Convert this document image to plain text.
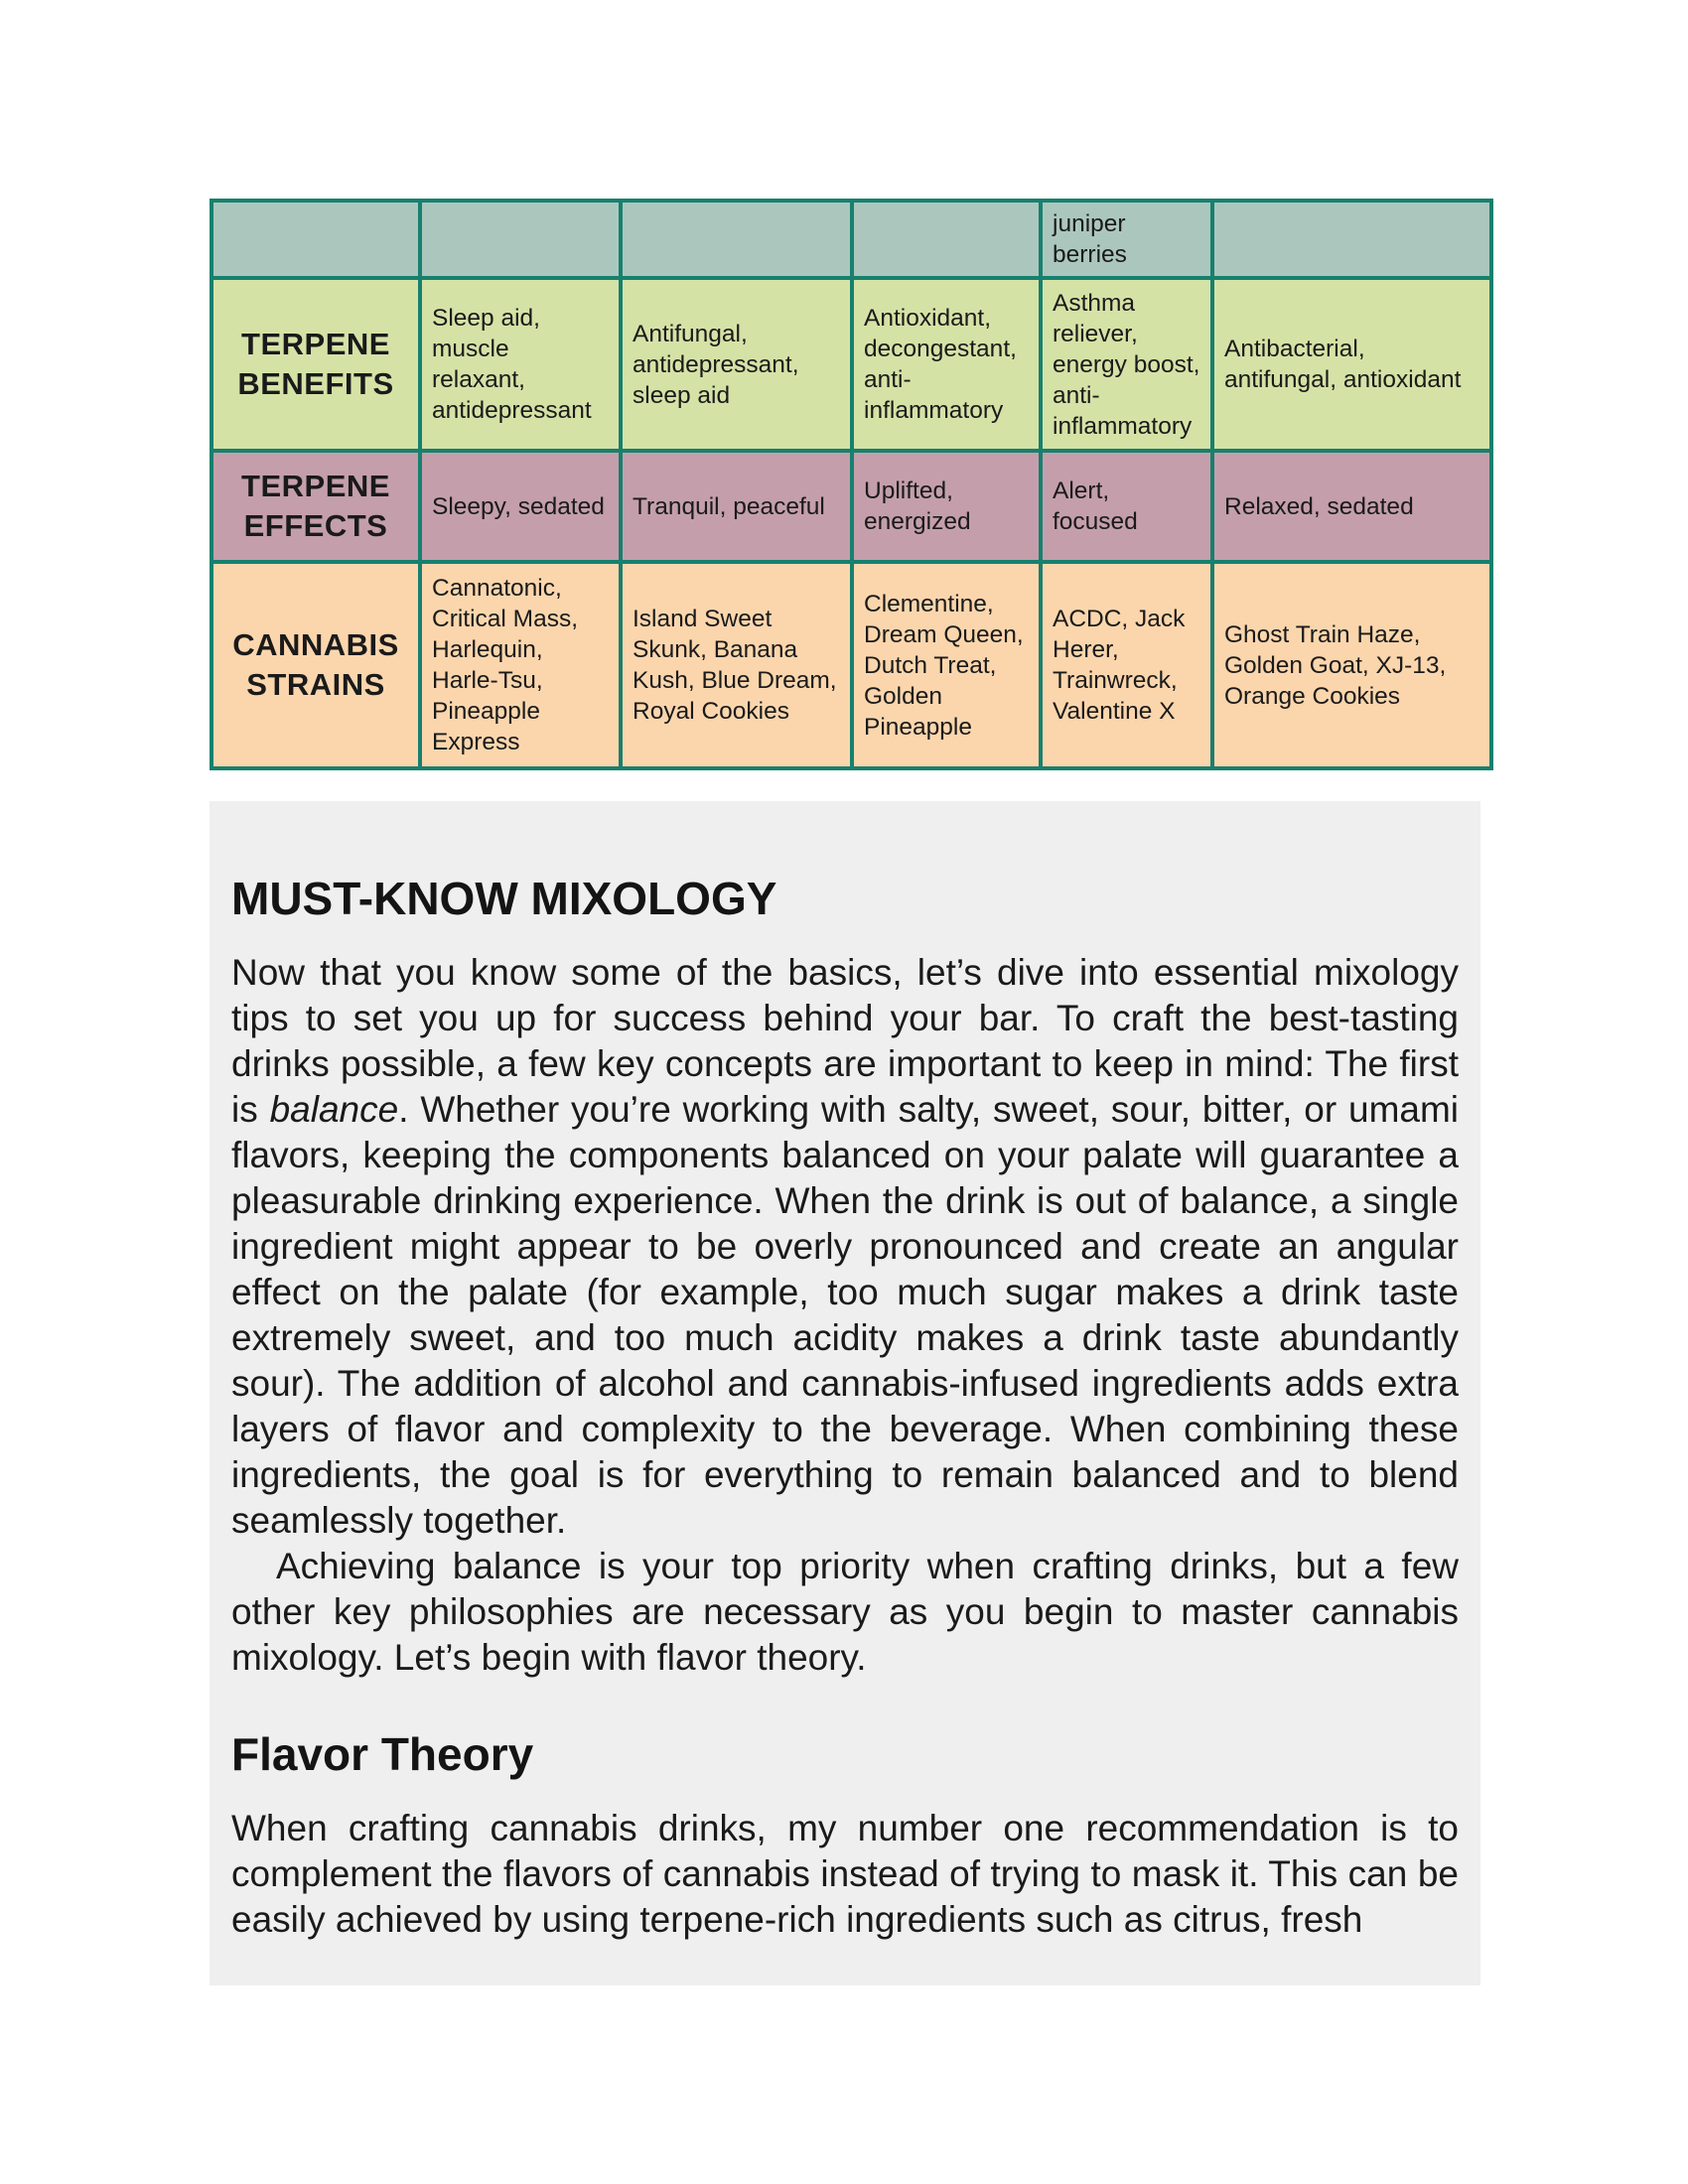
				juniper berries	
TERPENE BENEFITS	Sleep aid, muscle relaxant, antidepressant	Antifungal, antidepressant, sleep aid	Antioxidant, decongestant, anti-inflammatory	Asthma reliever, energy boost, anti-inflammatory	Antibacterial, antifungal, antioxidant
TERPENE EFFECTS	Sleepy, sedated	Tranquil, peaceful	Uplifted, energized	Alert, focused	Relaxed, sedated
CANNABIS STRAINS	Cannatonic, Critical Mass, Harlequin, Harle-Tsu, Pineapple Express	Island Sweet Skunk, Banana Kush, Blue Dream, Royal Cookies	Clementine, Dream Queen, Dutch Treat, Golden Pineapple	ACDC, Jack Herer, Trainwreck, Valentine X	Ghost Train Haze, Golden Goat, XJ-13, Orange Cookies
MUST-KNOW MIXOLOGY

Now that you know some of the basics, let’s dive into essential mixology tips to set you up for success behind your bar. To craft the best-tasting drinks possible, a few key concepts are important to keep in mind: The first is balance. Whether you’re working with salty, sweet, sour, bitter, or umami flavors, keeping the components balanced on your palate will guarantee a pleasurable drinking experience. When the drink is out of balance, a single ingredient might appear to be overly pronounced and create an angular effect on the palate (for example, too much sugar makes a drink taste extremely sweet, and too much acidity makes a drink taste abundantly sour). The addition of alcohol and cannabis-infused ingredients adds extra layers of flavor and complexity to the beverage. When combining these ingredients, the goal is for everything to remain balanced and to blend seamlessly together.

Achieving balance is your top priority when crafting drinks, but a few other key philosophies are necessary as you begin to master cannabis mixology. Let’s begin with flavor theory.

Flavor Theory

When crafting cannabis drinks, my number one recommendation is to complement the flavors of cannabis instead of trying to mask it. This can be easily achieved by using terpene-rich ingredients such as citrus, fresh
